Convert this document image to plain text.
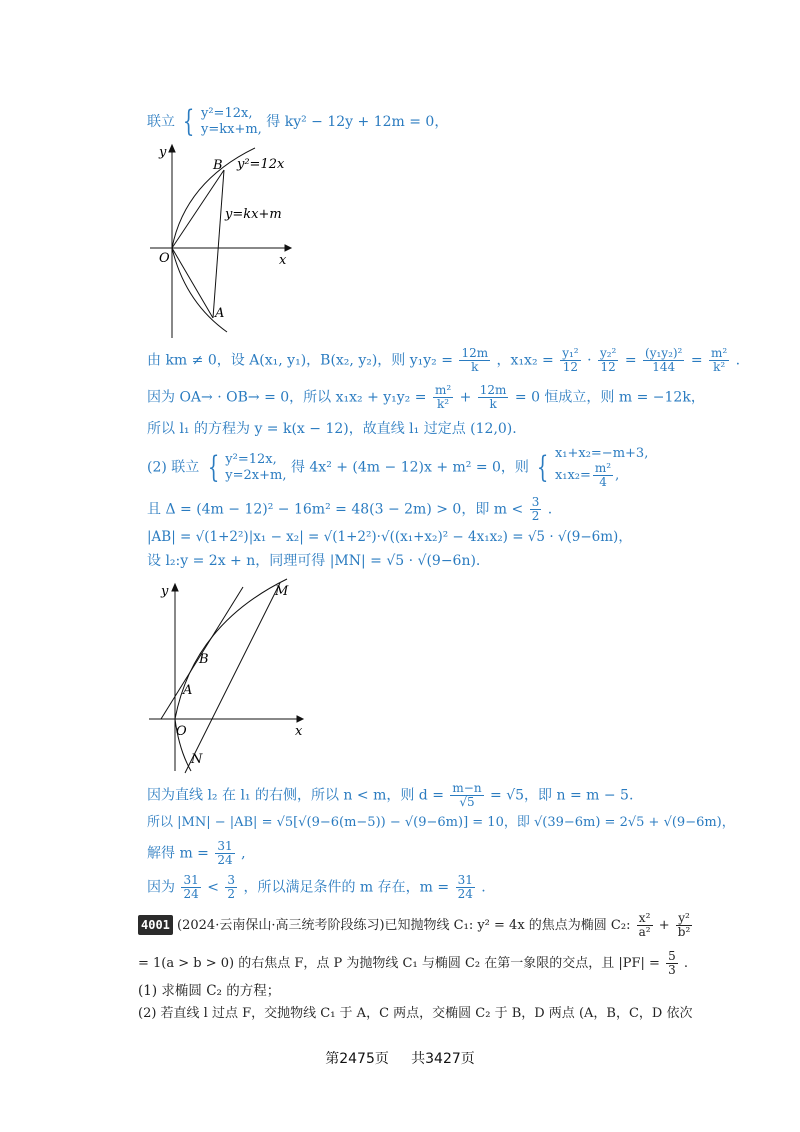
联立 { y²=12x,
y=kx+m, 得 ky² − 12y + 12m = 0，
y
x
O
B
A
y²=12x
y=kx+m
由 km ≠ 0，设 A(x₁, y₁)，B(x₂, y₂)，则 $y_1y_2 = \frac{12m}{k}$ ，$x_1x_2 = \frac{\text{y₁²}}{12} \cdot \frac{\text{y₂²}}{12} = \frac{\text{(y₁y₂)²}}{144} = \frac{\text{m²}}{\text{k²}}$ .
因为 OA→ · OB→ = 0，所以 $x_1x_2 + y_1y_2 = \frac{\text{m²}}{\text{k²}} + \frac{12m}{k} = 0$ 恒成立，则 m = −12k，
所以 l₁ 的方程为 y = k(x − 12)，故直线 l₁ 过定点 (12,0).
(2) 联立 { y²=12x,
y=2x+m, 得 4x² + (4m − 12)x + m² = 0，则 { x₁+x₂=−m+3,
$x_1x_2= \frac{\text{m²}}{4}$ ,
且 Δ = (4m − 12)² − 16m² = 48(3 − 2m) > 0，即 $m < \frac{3}{2}$ .
|AB| = √(1+2²)|x₁ − x₂| = √(1+2²)·√((x₁+x₂)² − 4x₁x₂) = √5 · √(9−6m)，
设 l₂:y = 2x + n，同理可得 |MN| = √5 · √(9−6n).
y
x
O
M
B
A
N
因为直线 l₂ 在 l₁ 的右侧，所以 n < m，则 $d = \frac{m-n}{√5} = √5$，即 n = m − 5.
所以 |MN| − |AB| = √5[√(9−6(m−5)) − √(9−6m)] = 10，即 √(39−6m) = 2√5 + √(9−6m)，
解得 $m = \frac{31}{24}$ ,
因为 $\frac{31}{24} < \frac{3}{2}$ ，所以满足条件的 m 存在，$m = \frac{31}{24}$ .
4001 (2024·云南保山·高三统考阶段练习)已知抛物线 C₁: y² = 4x 的焦点为椭圆 C₂: $\frac{\text{x²}}{\text{a²}} + \frac{\text{y²}}{\text{b²}}$
= 1(a > b > 0) 的右焦点 F，点 P 为抛物线 C₁ 与椭圆 C₂ 在第一象限的交点，且 $|PF| = \frac{5}{3}$ .
(1) 求椭圆 C₂ 的方程；
(2) 若直线 l 过点 F，交抛物线 C₁ 于 A，C 两点，交椭圆 C₂ 于 B，D 两点 (A，B，C，D 依次
第2475页 共3427页
